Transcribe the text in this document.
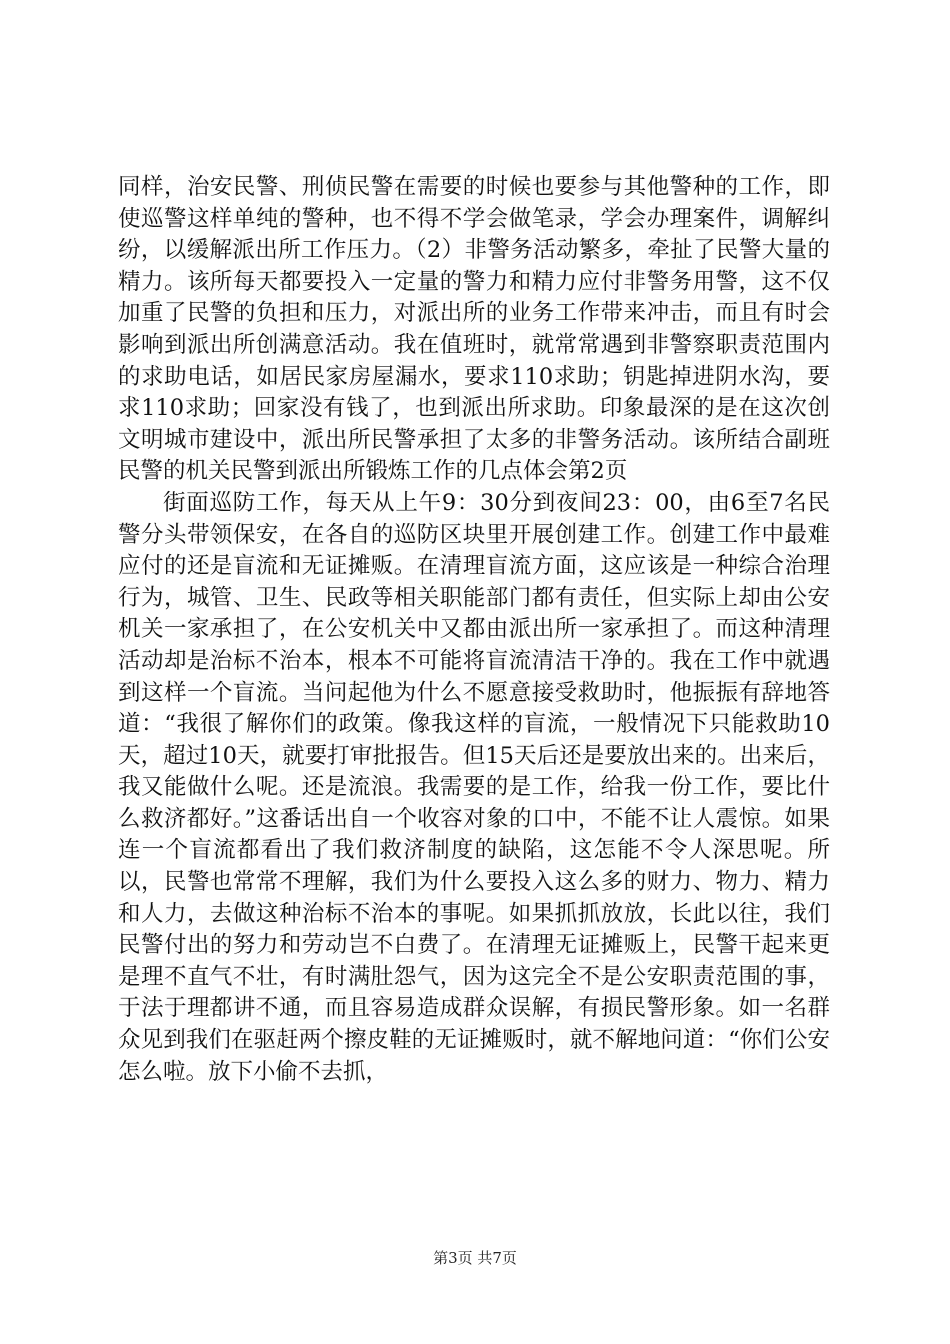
同样，治安民警、刑侦民警在需要的时候也要参与其他警种的工作，即使巡警这样单纯的警种，也不得不学会做笔录，学会办理案件，调解纠纷，以缓解派出所工作压力。（2）非警务活动繁多，牵扯了民警大量的精力。该所每天都要投入一定量的警力和精力应付非警务用警，这不仅加重了民警的负担和压力，对派出所的业务工作带来冲击，而且有时会影响到派出所创满意活动。我在值班时，就常常遇到非警察职责范围内的求助电话，如居民家房屋漏水，要求110求助；钥匙掉进阴水沟，要求110求助；回家没有钱了，也到派出所求助。印象最深的是在这次创文明城市建设中，派出所民警承担了太多的非警务活动。该所结合副班民警的机关民警到派出所锻炼工作的几点体会第2页

街面巡防工作，每天从上午9：30分到夜间23：00，由6至7名民警分头带领保安，在各自的巡防区块里开展创建工作。创建工作中最难应付的还是盲流和无证摊贩。在清理盲流方面，这应该是一种综合治理行为，城管、卫生、民政等相关职能部门都有责任，但实际上却由公安机关一家承担了，在公安机关中又都由派出所一家承担了。而这种清理活动却是治标不治本，根本不可能将盲流清洁干净的。我在工作中就遇到这样一个盲流。当问起他为什么不愿意接受救助时，他振振有辞地答道：“我很了解你们的政策。像我这样的盲流，一般情况下只能救助10天，超过10天，就要打审批报告。但15天后还是要放出来的。出来后，我又能做什么呢。还是流浪。我需要的是工作，给我一份工作，要比什么救济都好。”这番话出自一个收容对象的口中，不能不让人震惊。如果连一个盲流都看出了我们救济制度的缺陷，这怎能不令人深思呢。所以，民警也常常不理解，我们为什么要投入这么多的财力、物力、精力和人力，去做这种治标不治本的事呢。如果抓抓放放，长此以往，我们民警付出的努力和劳动岂不白费了。在清理无证摊贩上，民警干起来更是理不直气不壮，有时满肚怨气，因为这完全不是公安职责范围的事，于法于理都讲不通，而且容易造成群众误解，有损民警形象。如一名群众见到我们在驱赶两个擦皮鞋的无证摊贩时，就不解地问道：“你们公安怎么啦。放下小偷不去抓，

第3页 共7页
